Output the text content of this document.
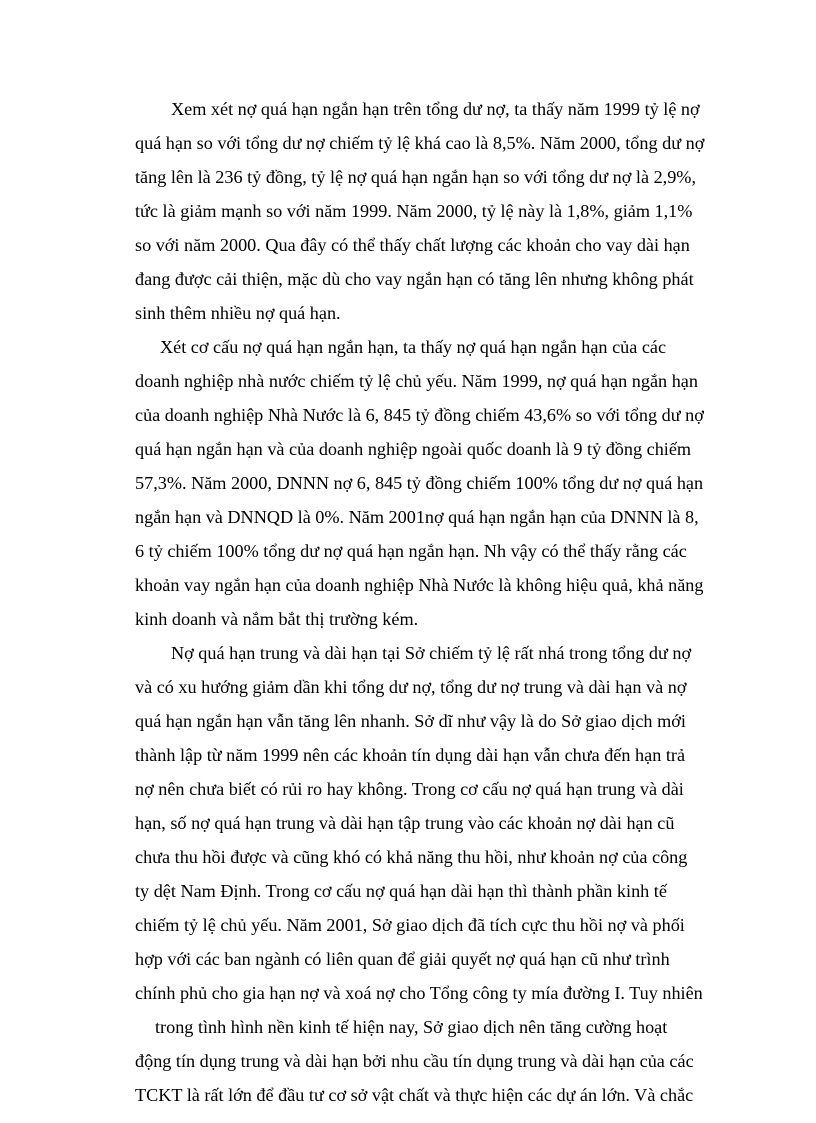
Xem xét nợ quá hạn ngắn hạn trên tổng dư nợ, ta thấy năm 1999 tỷ lệ nợ

quá hạn so với tổng dư nợ chiếm tỷ lệ khá cao là 8,5%. Năm 2000, tổng dư nợ

tăng lên là 236 tỷ đồng, tỷ lệ nợ quá hạn ngắn hạn so với tổng dư nợ là 2,9%,

tức là giảm mạnh so với năm 1999. Năm 2000, tỷ lệ này là 1,8%, giảm 1,1%

so với năm 2000. Qua đây có thể thấy chất lượng các khoản cho vay dài hạn

đang được cải thiện, mặc dù cho vay ngắn hạn có tăng lên nhưng không phát

sinh thêm nhiều nợ quá hạn.

Xét cơ cấu nợ quá hạn ngắn hạn, ta thấy nợ quá hạn ngắn hạn của các

doanh nghiệp nhà nước chiếm tỷ lệ chủ yếu. Năm 1999, nợ quá hạn ngắn hạn

của doanh nghiệp Nhà Nước là 6, 845 tỷ đồng chiếm 43,6% so với tổng dư nợ

quá hạn ngắn hạn và của doanh nghiệp ngoài quốc doanh là 9 tỷ đồng chiếm

57,3%. Năm 2000, DNNN nợ 6, 845 tỷ đồng chiếm 100% tổng dư nợ quá hạn

ngắn hạn và DNNQD là 0%. Năm 2001nợ quá hạn ngắn hạn của DNNN là 8,

6 tỷ chiếm 100% tổng dư nợ quá hạn ngắn hạn. Nh vậy có thể thấy rằng các

khoản vay ngắn hạn của doanh nghiệp Nhà Nước là không hiệu quả, khả năng

kinh doanh và nắm bắt thị trường kém.

Nợ quá hạn trung và dài hạn tại Sở chiếm tỷ lệ rất nhá trong tổng dư nợ

và có xu hướng giảm dần khi tổng dư nợ, tổng dư nợ trung và dài hạn và nợ

quá hạn ngắn hạn vẫn tăng lên nhanh. Sở dĩ như vậy là do Sở giao dịch mới

thành lập từ năm 1999 nên các khoản tín dụng dài hạn vẫn chưa đến hạn trả

nợ nên chưa biết có rủi ro hay không. Trong cơ cấu nợ quá hạn trung và dài

hạn, số nợ quá hạn trung và dài hạn tập trung vào các khoản nợ dài hạn cũ

chưa thu hồi được và cũng khó có khả năng thu hồi, như khoản nợ của công

ty dệt Nam Định. Trong cơ cấu nợ quá hạn dài hạn thì thành phần kinh tế

chiếm tỷ lệ chủ yếu. Năm 2001, Sở giao dịch đã tích cực thu hồi nợ và phối

hợp với các ban ngành có liên quan để giải quyết nợ quá hạn cũ như trình

chính phủ cho gia hạn nợ và xoá nợ cho Tổng công ty mía đường I. Tuy nhiên

trong tình hình nền kinh tế hiện nay, Sở giao dịch nên tăng cường hoạt

động tín dụng trung và dài hạn bởi nhu cầu tín dụng trung và dài hạn của các

TCKT là rất lớn để đầu tư cơ sở vật chất và thực hiện các dự án lớn. Và chắc
